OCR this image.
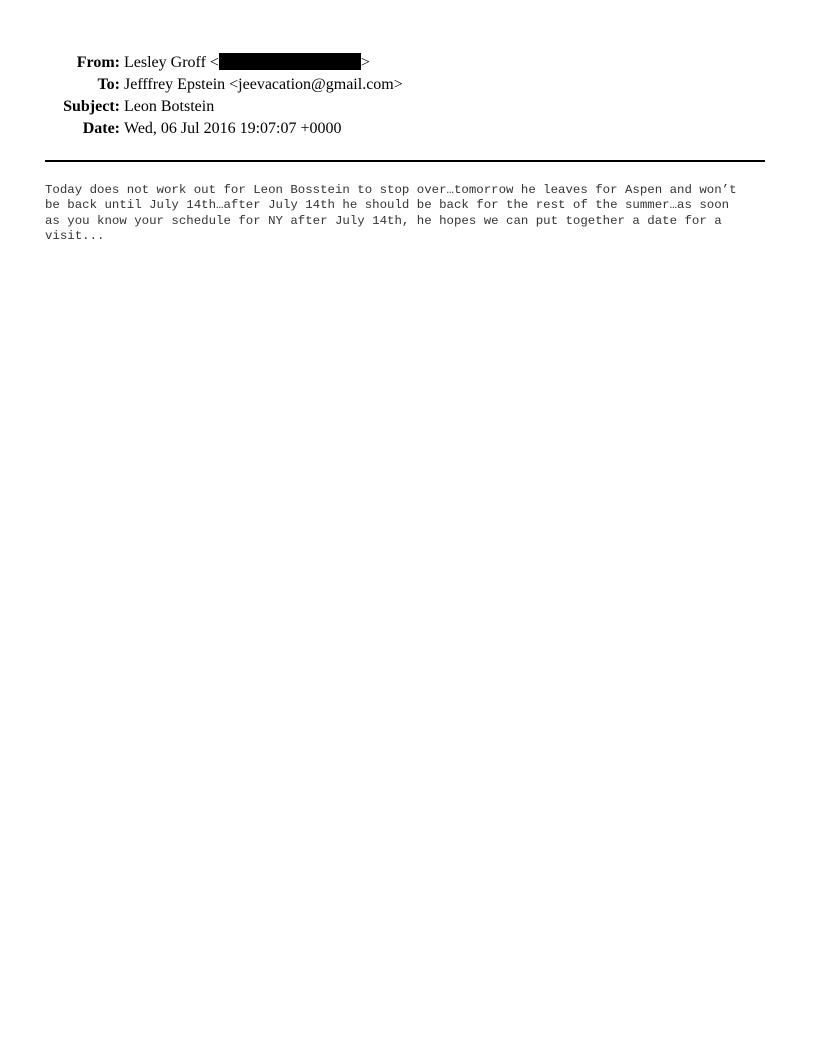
From: Lesley Groff <	>
To: Jefffrey Epstein <jeevacation@gmail.com>
Subject: Leon Botstein
Date: Wed, 06 Jul 2016 19:07:07 +0000
Today does not work out for Leon Bosstein to stop over…tomorrow he leaves for Aspen and won’t
be back until July 14th…after July 14th he should be back for the rest of the summer…as soon
as you know your schedule for NY after July 14th, he hopes we can put together a date for a
visit...
